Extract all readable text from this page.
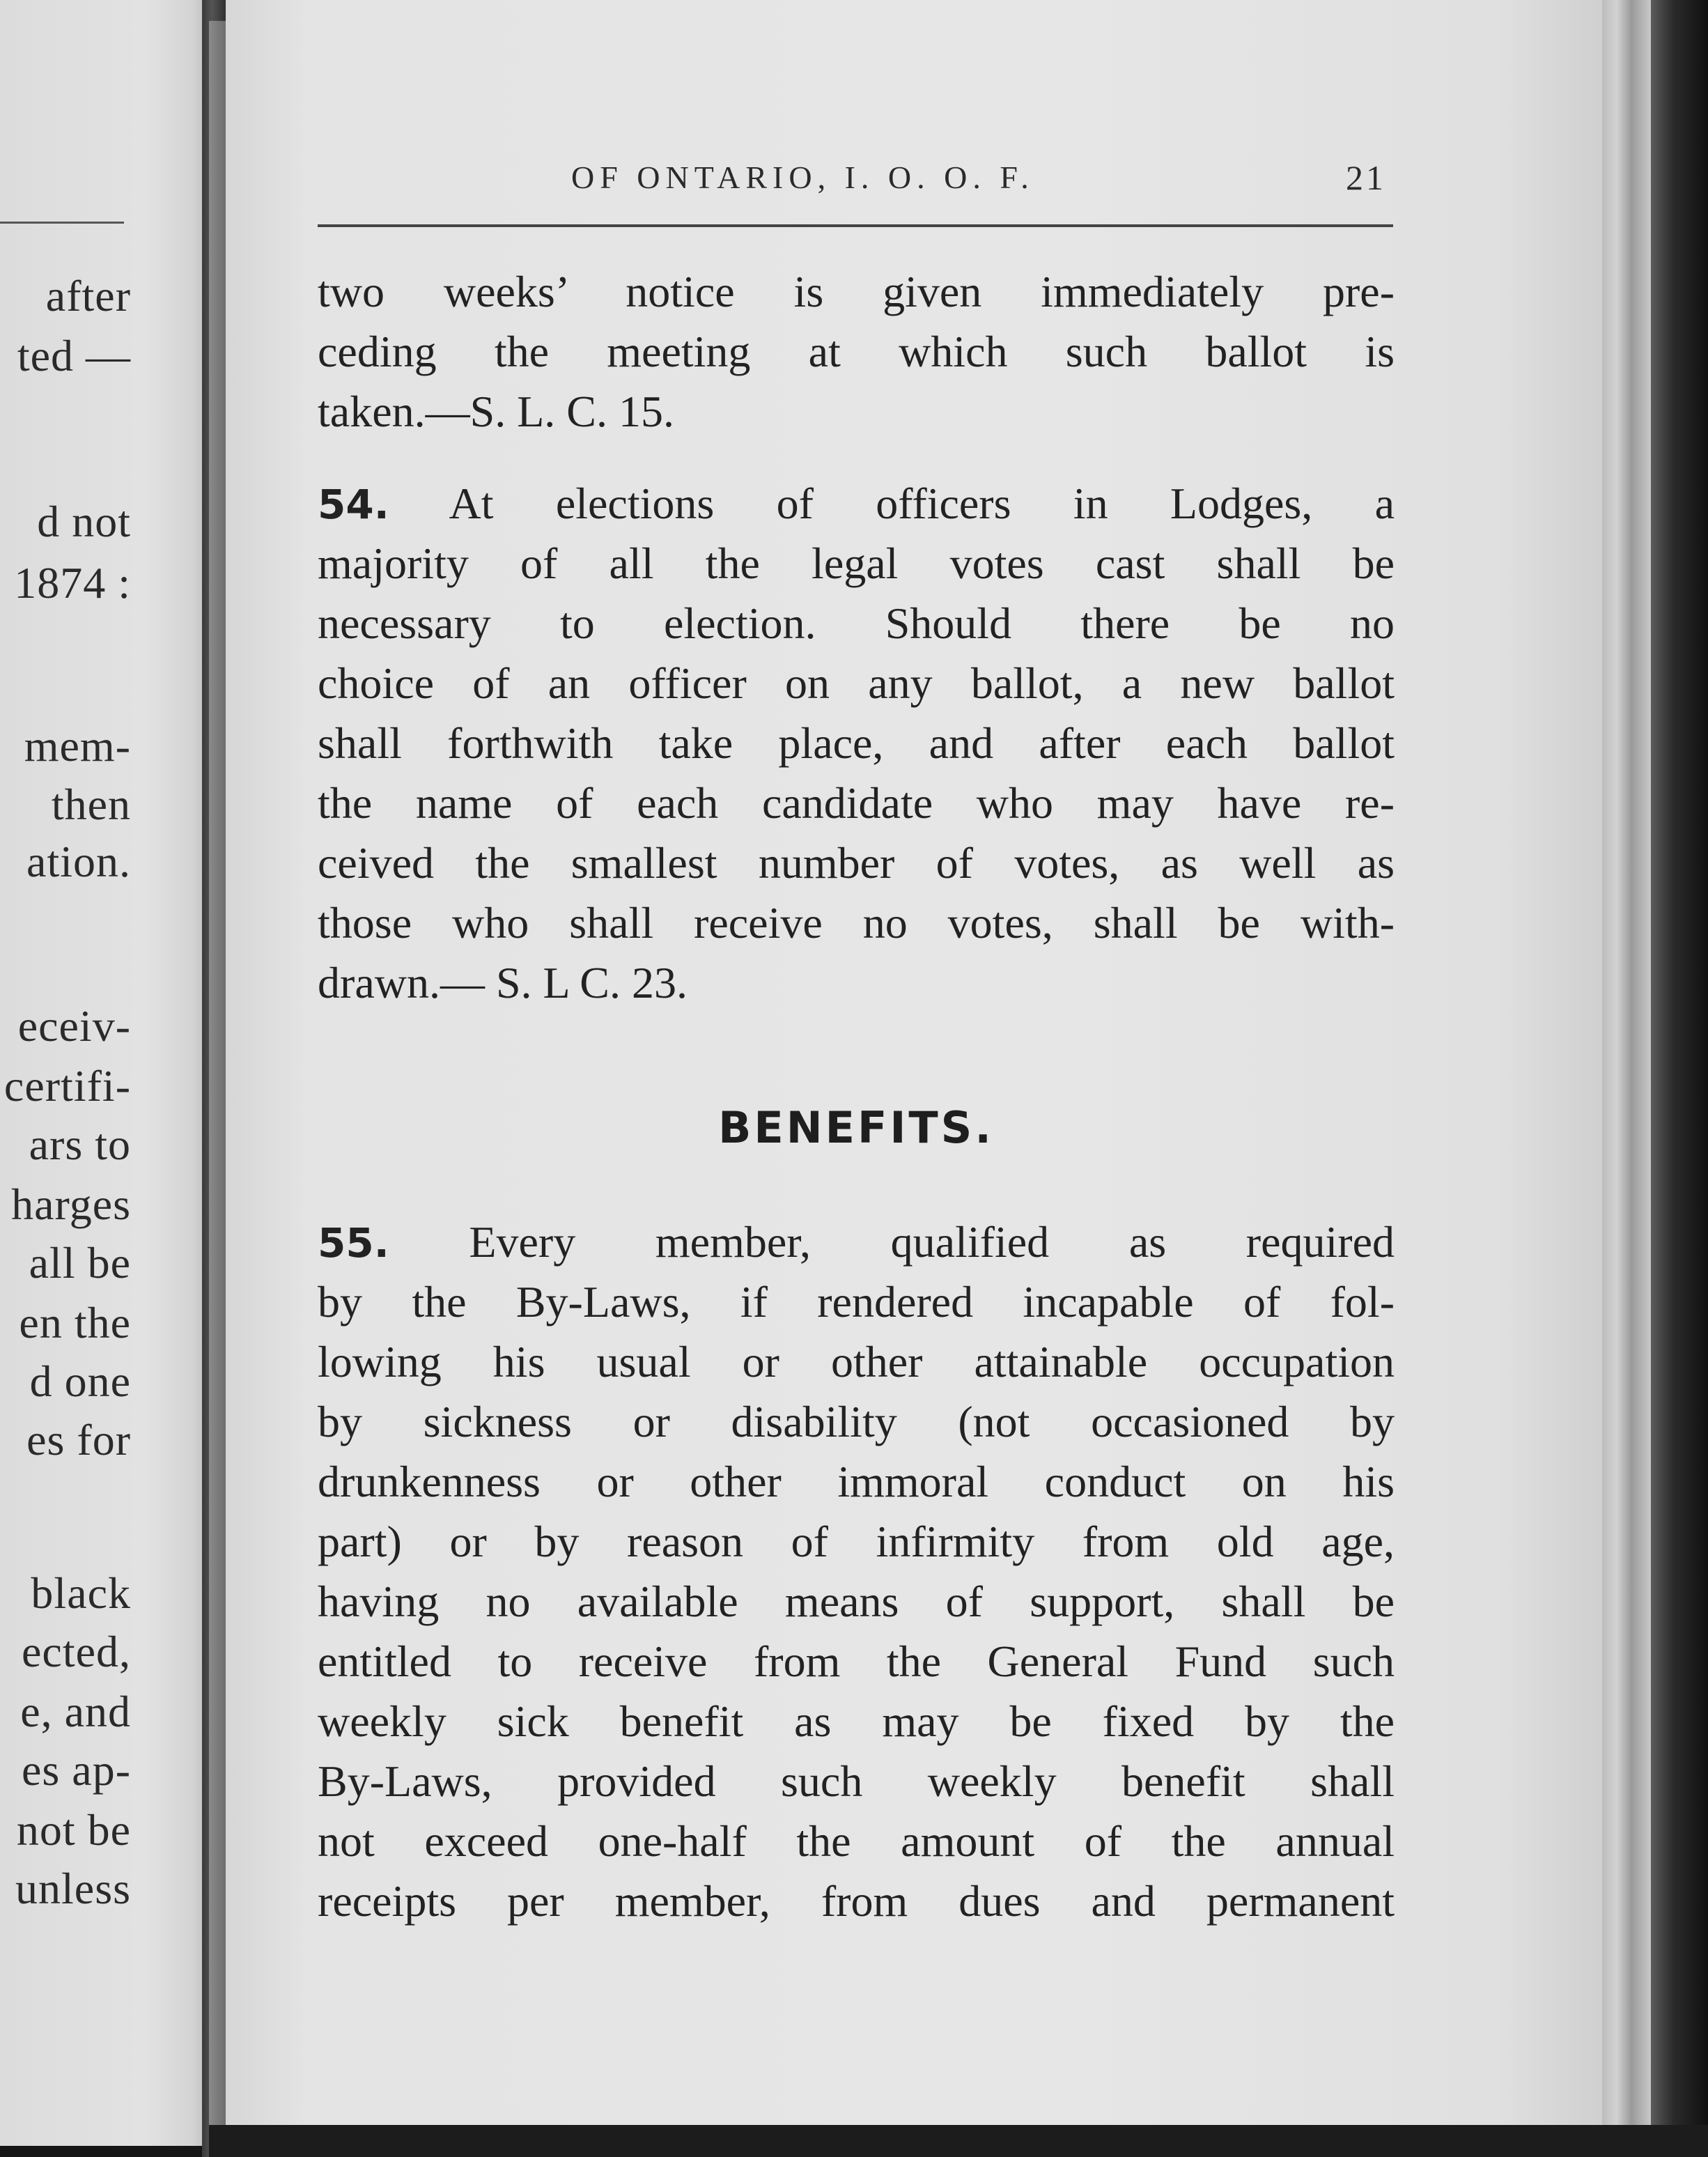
after
ted —
d not
1874 :
mem-
then
ation.
eceiv-
certifi-
ars to
harges
all be
en the
d one
es for
black
ected,
e, and
es ap-
not be
unless
OF ONTARIO, I. O. O. F.	21
two weeks’ notice is given immediately pre-
ceding the meeting at which such ballot is
taken.—S. L. C. 15.
54. At elections of officers in Lodges, a
majority of all the legal votes cast shall be
necessary to election. Should there be no
choice of an officer on any ballot, a new ballot
shall forthwith take place, and after each ballot
the name of each candidate who may have re-
ceived the smallest number of votes, as well as
those who shall receive no votes, shall be with-
drawn.— S. L C. 23.
BENEFITS.
55. Every member, qualified as required
by the By-Laws, if rendered incapable of fol-
lowing his usual or other attainable occupation
by sickness or disability (not occasioned by
drunkenness or other immoral conduct on his
part) or by reason of infirmity from old age,
having no available means of support, shall be
entitled to receive from the General Fund such
weekly sick benefit as may be fixed by the
By-Laws, provided such weekly benefit shall
not exceed one-half the amount of the annual
receipts per member, from dues and permanent
